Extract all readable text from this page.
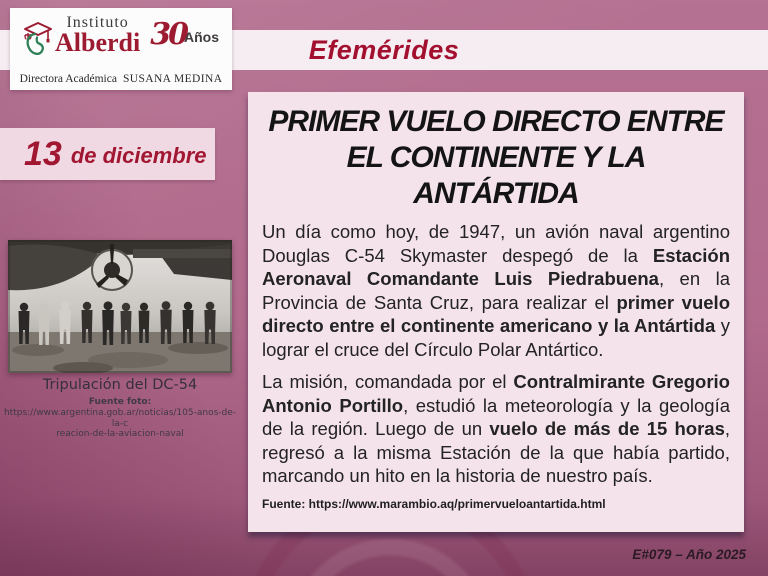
Efemérides
Instituto
Alberdi 30
Años
Directora Académica SUSANA MEDINA
13 de diciembre
Tripulación del DC-54
Fuente foto:
https://www.argentina.gob.ar/noticias/105-anos-de-la-c
reacion-de-la-aviacion-naval
PRIMER VUELO DIRECTO ENTRE
EL CONTINENTE Y LA ANTÁRTIDA

Un día como hoy, de 1947, un avión naval argentino Douglas C-54 Skymaster despegó de la Estación Aeronaval Comandante Luis Piedrabuena, en la Provincia de Santa Cruz, para realizar el primer vuelo directo entre el continente americano y la Antártida y lograr el cruce del Círculo Polar Antártico.

La misión, comandada por el Contralmirante Gregorio Antonio Portillo, estudió la meteorología y la geología de la región. Luego de un vuelo de más de 15 horas, regresó a la misma Estación de la que había partido, marcando un hito en la historia de nuestro país.

Fuente: https://www.marambio.aq/primervueloantartida.html
E#079 – Año 2025
